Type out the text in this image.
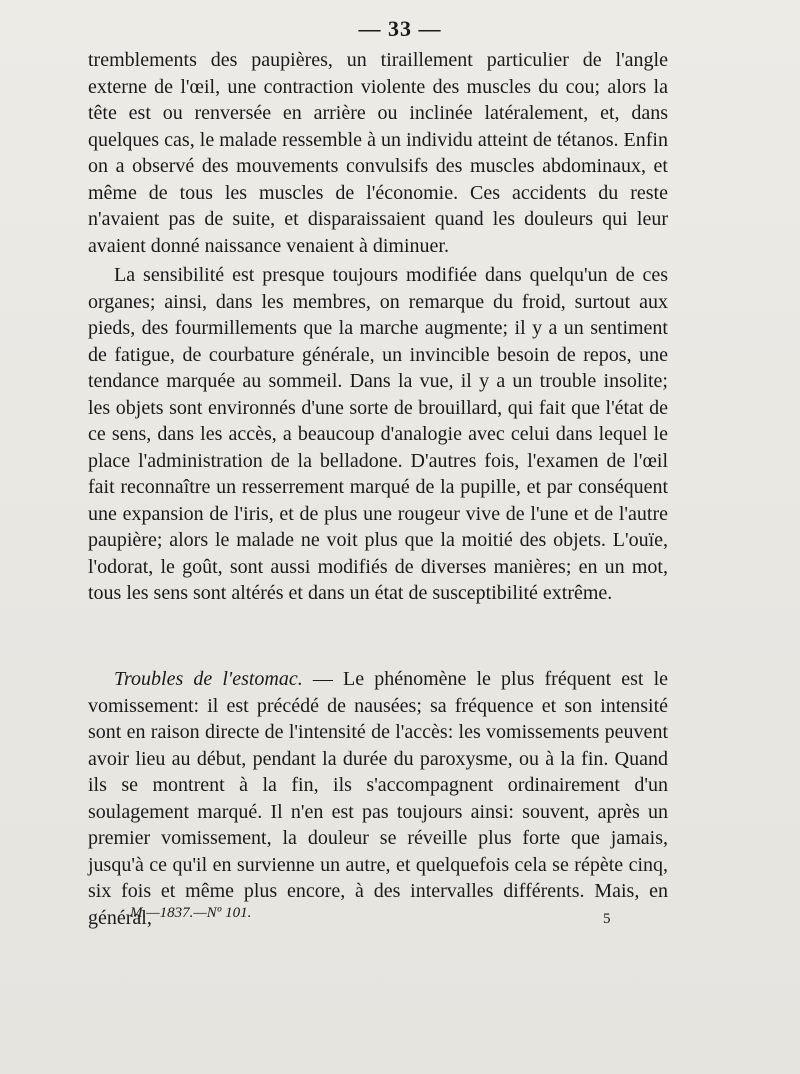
— 33 —

tremblements des paupières, un tiraillement particulier de l'angle externe de l'œil, une contraction violente des muscles du cou; alors la tête est ou renversée en arrière ou inclinée latéralement, et, dans quelques cas, le malade ressemble à un individu atteint de tétanos. Enfin on a observé des mouvements convulsifs des muscles abdominaux, et même de tous les muscles de l'économie. Ces accidents du reste n'avaient pas de suite, et disparaissaient quand les douleurs qui leur avaient donné naissance venaient à diminuer.

La sensibilité est presque toujours modifiée dans quelqu'un de ces organes; ainsi, dans les membres, on remarque du froid, surtout aux pieds, des fourmillements que la marche augmente; il y a un sentiment de fatigue, de courbature générale, un invincible besoin de repos, une tendance marquée au sommeil. Dans la vue, il y a un trouble insolite; les objets sont environnés d'une sorte de brouillard, qui fait que l'état de ce sens, dans les accès, a beaucoup d'analogie avec celui dans lequel le place l'administration de la belladone. D'autres fois, l'examen de l'œil fait reconnaître un resserrement marqué de la pupille, et par conséquent une expansion de l'iris, et de plus une rougeur vive de l'une et de l'autre paupière; alors le malade ne voit plus que la moitié des objets. L'ouïe, l'odorat, le goût, sont aussi modifiés de diverses manières; en un mot, tous les sens sont altérés et dans un état de susceptibilité extrême.

Troubles de l'estomac. — Le phénomène le plus fréquent est le vomissement: il est précédé de nausées; sa fréquence et son intensité sont en raison directe de l'intensité de l'accès: les vomissements peuvent avoir lieu au début, pendant la durée du paroxysme, ou à la fin. Quand ils se montrent à la fin, ils s'accompagnent ordinairement d'un soulagement marqué. Il n'en est pas toujours ainsi: souvent, après un premier vomissement, la douleur se réveille plus forte que jamais, jusqu'à ce qu'il en survienne un autre, et quelquefois cela se répète cinq, six fois et même plus encore, à des intervalles différents. Mais, en général,

M.—1837.—Nº 101.	5
